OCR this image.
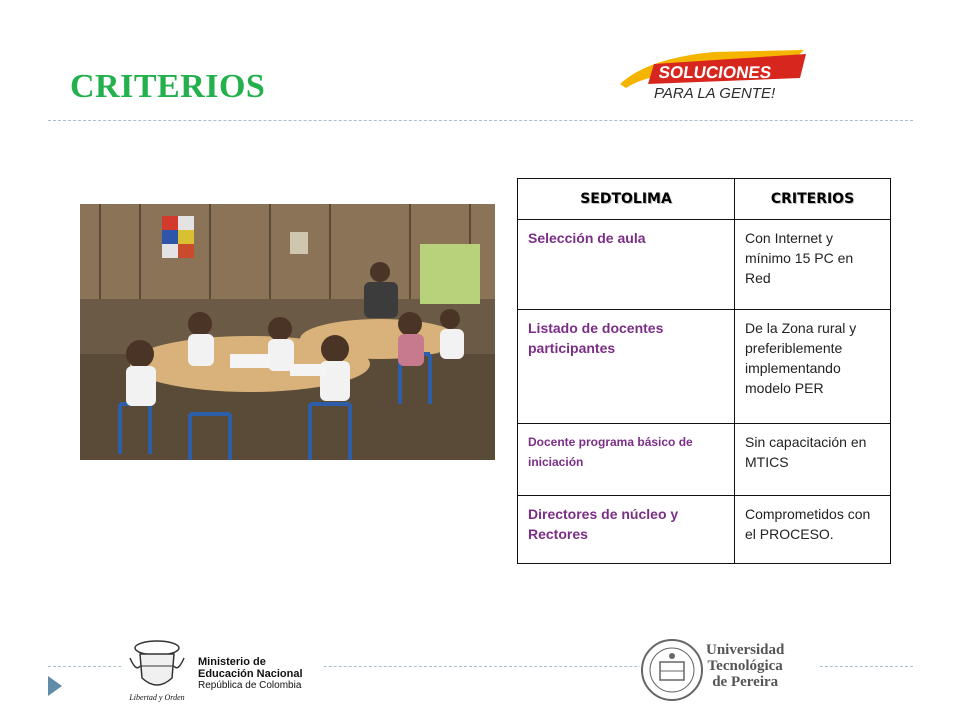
CRITERIOS	SOLUCIONES
PARA LA GENTE!
SEDTOLIMA	CRITERIOS
Selección de aula	Con Internet y mínimo 15 PC en Red
Listado de docentes participantes	De la Zona rural y preferiblemente implementando modelo PER
Docente programa básico de iniciación	Sin capacitación en MTICS
Directores de núcleo y Rectores	Comprometidos con el PROCESO.
Libertad y Orden
Ministerio de
Educación Nacional
República de Colombia
Universidad
Tecnológica
de Pereira
